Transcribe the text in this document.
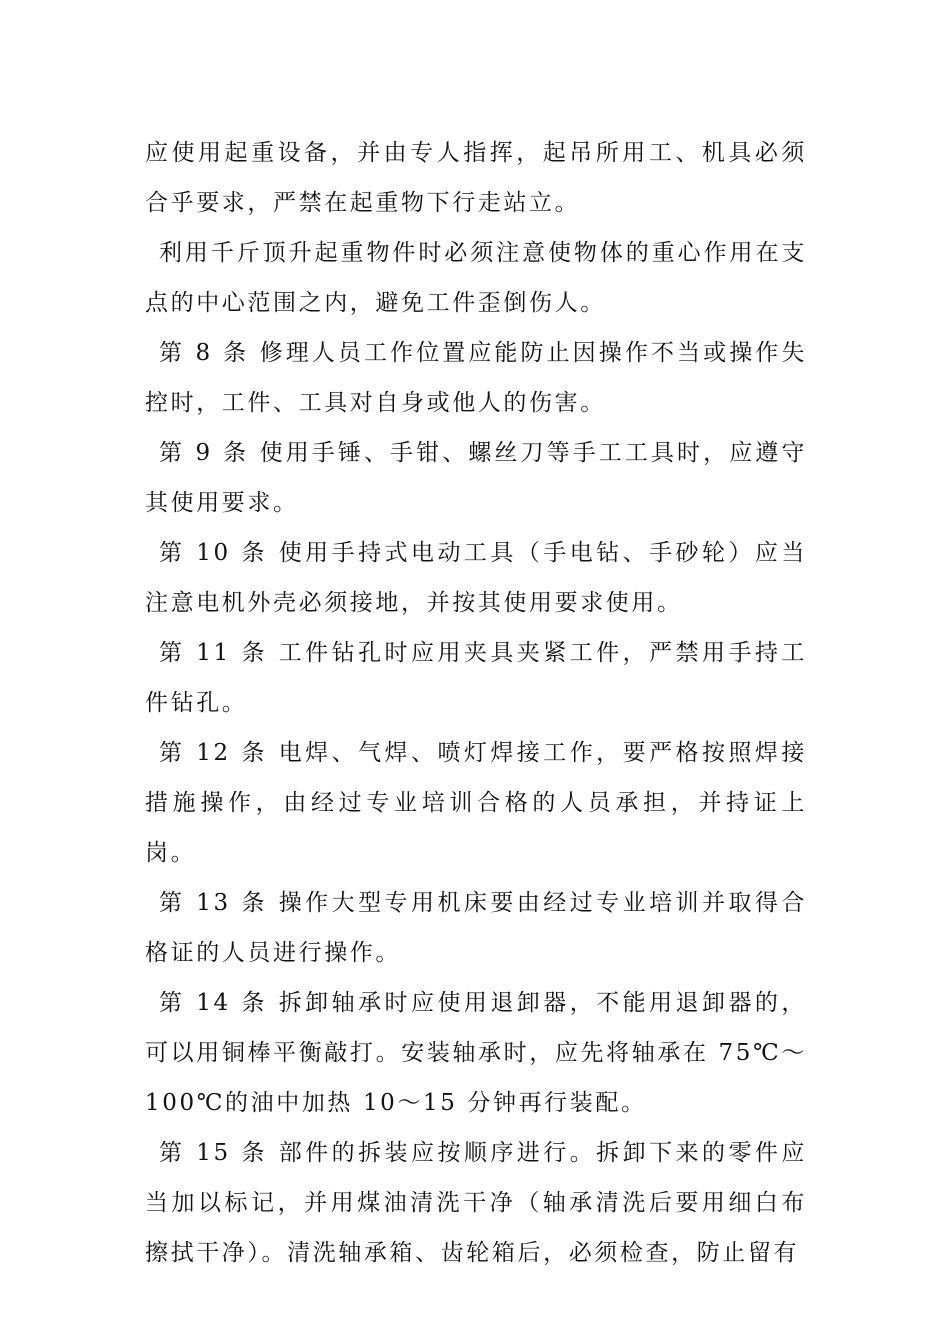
应使用起重设备，并由专人指挥，起吊所用工、机具必须合乎要求，严禁在起重物下行走站立。

利用千斤顶升起重物件时必须注意使物体的重心作用在支点的中心范围之内，避免工件歪倒伤人。

第 8 条 修理人员工作位置应能防止因操作不当或操作失控时，工件、工具对自身或他人的伤害。

第 9 条 使用手锤、手钳、螺丝刀等手工工具时，应遵守其使用要求。

第 10 条 使用手持式电动工具（手电钻、手砂轮）应当注意电机外壳必须接地，并按其使用要求使用。

第 11 条 工件钻孔时应用夹具夹紧工件，严禁用手持工件钻孔。

第 12 条 电焊、气焊、喷灯焊接工作，要严格按照焊接措施操作，由经过专业培训合格的人员承担，并持证上岗。

第 13 条 操作大型专用机床要由经过专业培训并取得合格证的人员进行操作。

第 14 条 拆卸轴承时应使用退卸器，不能用退卸器的，可以用铜棒平衡敲打。安装轴承时，应先将轴承在 75℃～100℃的油中加热 10～15 分钟再行装配。

第 15 条 部件的拆装应按顺序进行。拆卸下来的零件应当加以标记，并用煤油清洗干净（轴承清洗后要用细白布擦拭干净）。清洗轴承箱、齿轮箱后，必须检查，防止留有
